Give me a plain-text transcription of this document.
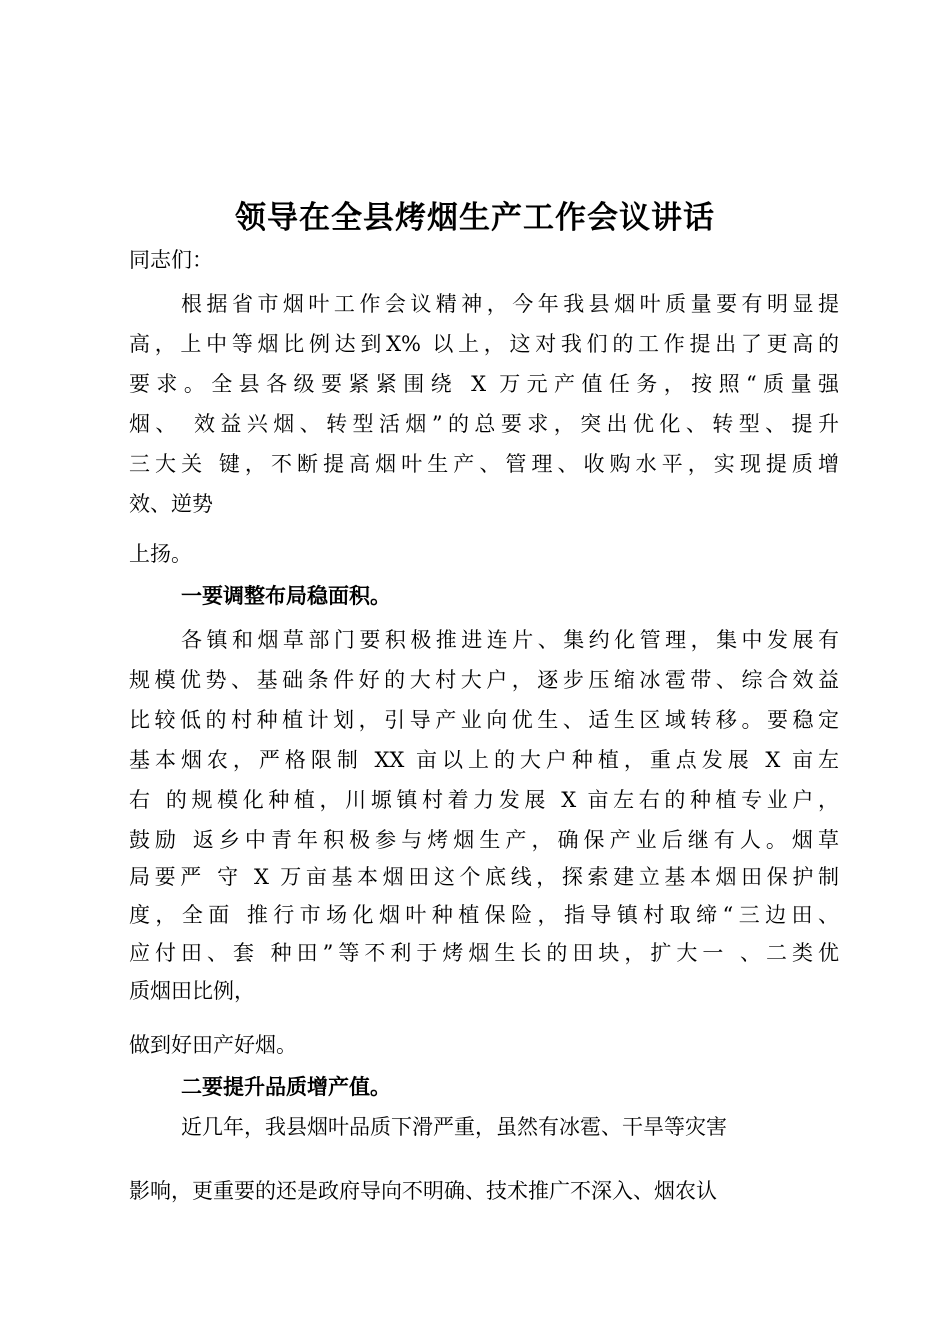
领导在全县烤烟生产工作会议讲话
同志们：
根据省市烟叶工作会议精神，今年我县烟叶质量要有明显提
高，上中等烟比例达到X% 以上，这对我们的工作提出了更高的
要求。全县各级要紧紧围绕 X 万元产值任务，按照“质量强
烟、 效益兴烟、转型活烟”的总要求，突出优化、转型、提升
三大关 键，不断提高烟叶生产、管理、收购水平，实现提质增
效、逆势
上扬。
一要调整布局稳面积。
各镇和烟草部门要积极推进连片、集约化管理，集中发展有
规模优势、基础条件好的大村大户，逐步压缩冰雹带、综合效益
比较低的村种植计划，引导产业向优生、适生区域转移。要稳定
基本烟农，严格限制 XX 亩以上的大户种植，重点发展 X 亩左
右 的规模化种植，川塬镇村着力发展 X 亩左右的种植专业户，
鼓励 返乡中青年积极参与烤烟生产，确保产业后继有人。烟草
局要严 守 X 万亩基本烟田这个底线，探索建立基本烟田保护制
度，全面 推行市场化烟叶种植保险，指导镇村取缔“三边田、
应付田、套 种田”等不利于烤烟生长的田块，扩大一 、二类优
质烟田比例，
做到好田产好烟。
二要提升品质增产值。
近几年，我县烟叶品质下滑严重，虽然有冰雹、干旱等灾害
影响，更重要的还是政府导向不明确、技术推广不深入、烟农认
